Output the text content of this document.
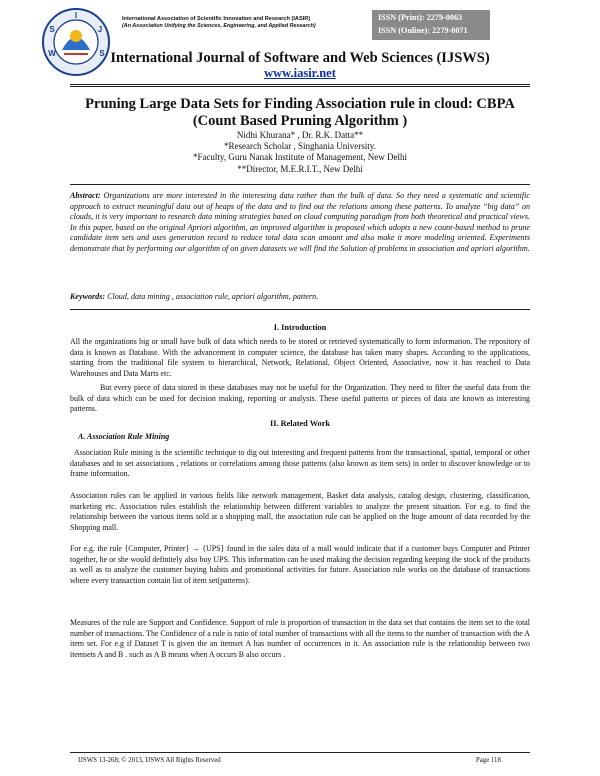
I
J
S
W
S
International Association of Scientific Innovation and Research (IASIR)
(An Association Unifying the Sciences, Engineering, and Applied Research)
ISSN (Print): 2279-0063
ISSN (Online): 2279-0071
International Journal of Software and Web Sciences (IJSWS)
www.iasir.net
Pruning Large Data Sets for Finding Association rule in cloud: CBPA
(Count Based Pruning Algorithm )
Nidhi Khurana* , Dr. R.K. Datta**
*Research Scholar , Singhania University.
*Faculty, Guru Nanak Institute of Management, New Delhi
**Director, M.E.R.I.T., New Delhi
Abstract: Organizations are more interested in the interesting data rather than the bulk of data. So they need a systematic and scientific approach to extract meaningful data out of heaps of the data and to find out the relations among these patterns. To analyze “big data” on clouds, it is very important to research data mining strategies based on cloud computing paradigm from both theoretical and practical views. In this paper, based on the original Apriori algorithm, an improved algorithm is proposed which adopts a new count-based method to prune candidate item sets and uses generation record to reduce total data scan amount and also make it more modeling oriented. Experiments demonstrate that by performing our algorithm of on given datasets we will find the Solution of problems in association and apriori algorithm.
Keywords: Cloud, data mining , association rule, apriori algorithm, pattern.
I. Introduction
All the organizations big or small have bulk of data which needs to be stored or retrieved systematically to form information. The repository of data is known as Database. With the advancement in computer science, the database has taken many shapes. According to the applications, starting from the traditional file system to hierarchical, Network, Relational, Object Oriented, Associative, now it has reached to Data Warehouses and Data Marts etc.
But every piece of data stored in these databases may not be useful for the Organization. They need to filter the useful data from the bulk of data which can be used for decision making, reporting or analysis. These useful patterns or pieces of data are known as interesting patterns.
II. Related Work
A. Association Rule Mining
Association Rule mining is the scientific technique to dig out interesting and frequent patterns from the transactional, spatial, temporal or other databases and to set associations , relations or correlations among those patterns (also known as item sets) in order to discover knowledge or to frame information.
Association rules can be applied in various fields like network management, Basket data analysis, catalog design, clustering, classification, marketing etc. Association rules establish the relationship between different variables to analyze the present situation. For e.g. to find the relationship between the various items sold at a shopping mall, the association rule can be applied on the huge amount of data recorded by the Shopping mall.
For e.g. the rule {Computer, Printer} → {UPS} found in the sales data of a mall would indicate that if a customer buys Computer and Printer together, he or she would definitely also buy UPS. This information can be used making the decision regarding keeping the stock of the products as well as to analyze the customer buying habits and promotional activities for future. Association rule works on the database of transactions where every transaction contain list of item set(patterns).
Measures of the rule are Support and Confidence. Support of rule is proportion of transaction in the data set that contains the item set to the total number of transactions. The Confidence of a rule is ratio of total number of transactions with all the items to the number of transaction with the A item set. For e.g if Dataset T is given the an itemset A has number of occurrences in it. An association rule is the relationship between two itemsets A and B . such as A B means when A occurs B also occurs .
IJSWS 13-268; © 2013, IJSWS All Rights Reserved	Page 118
